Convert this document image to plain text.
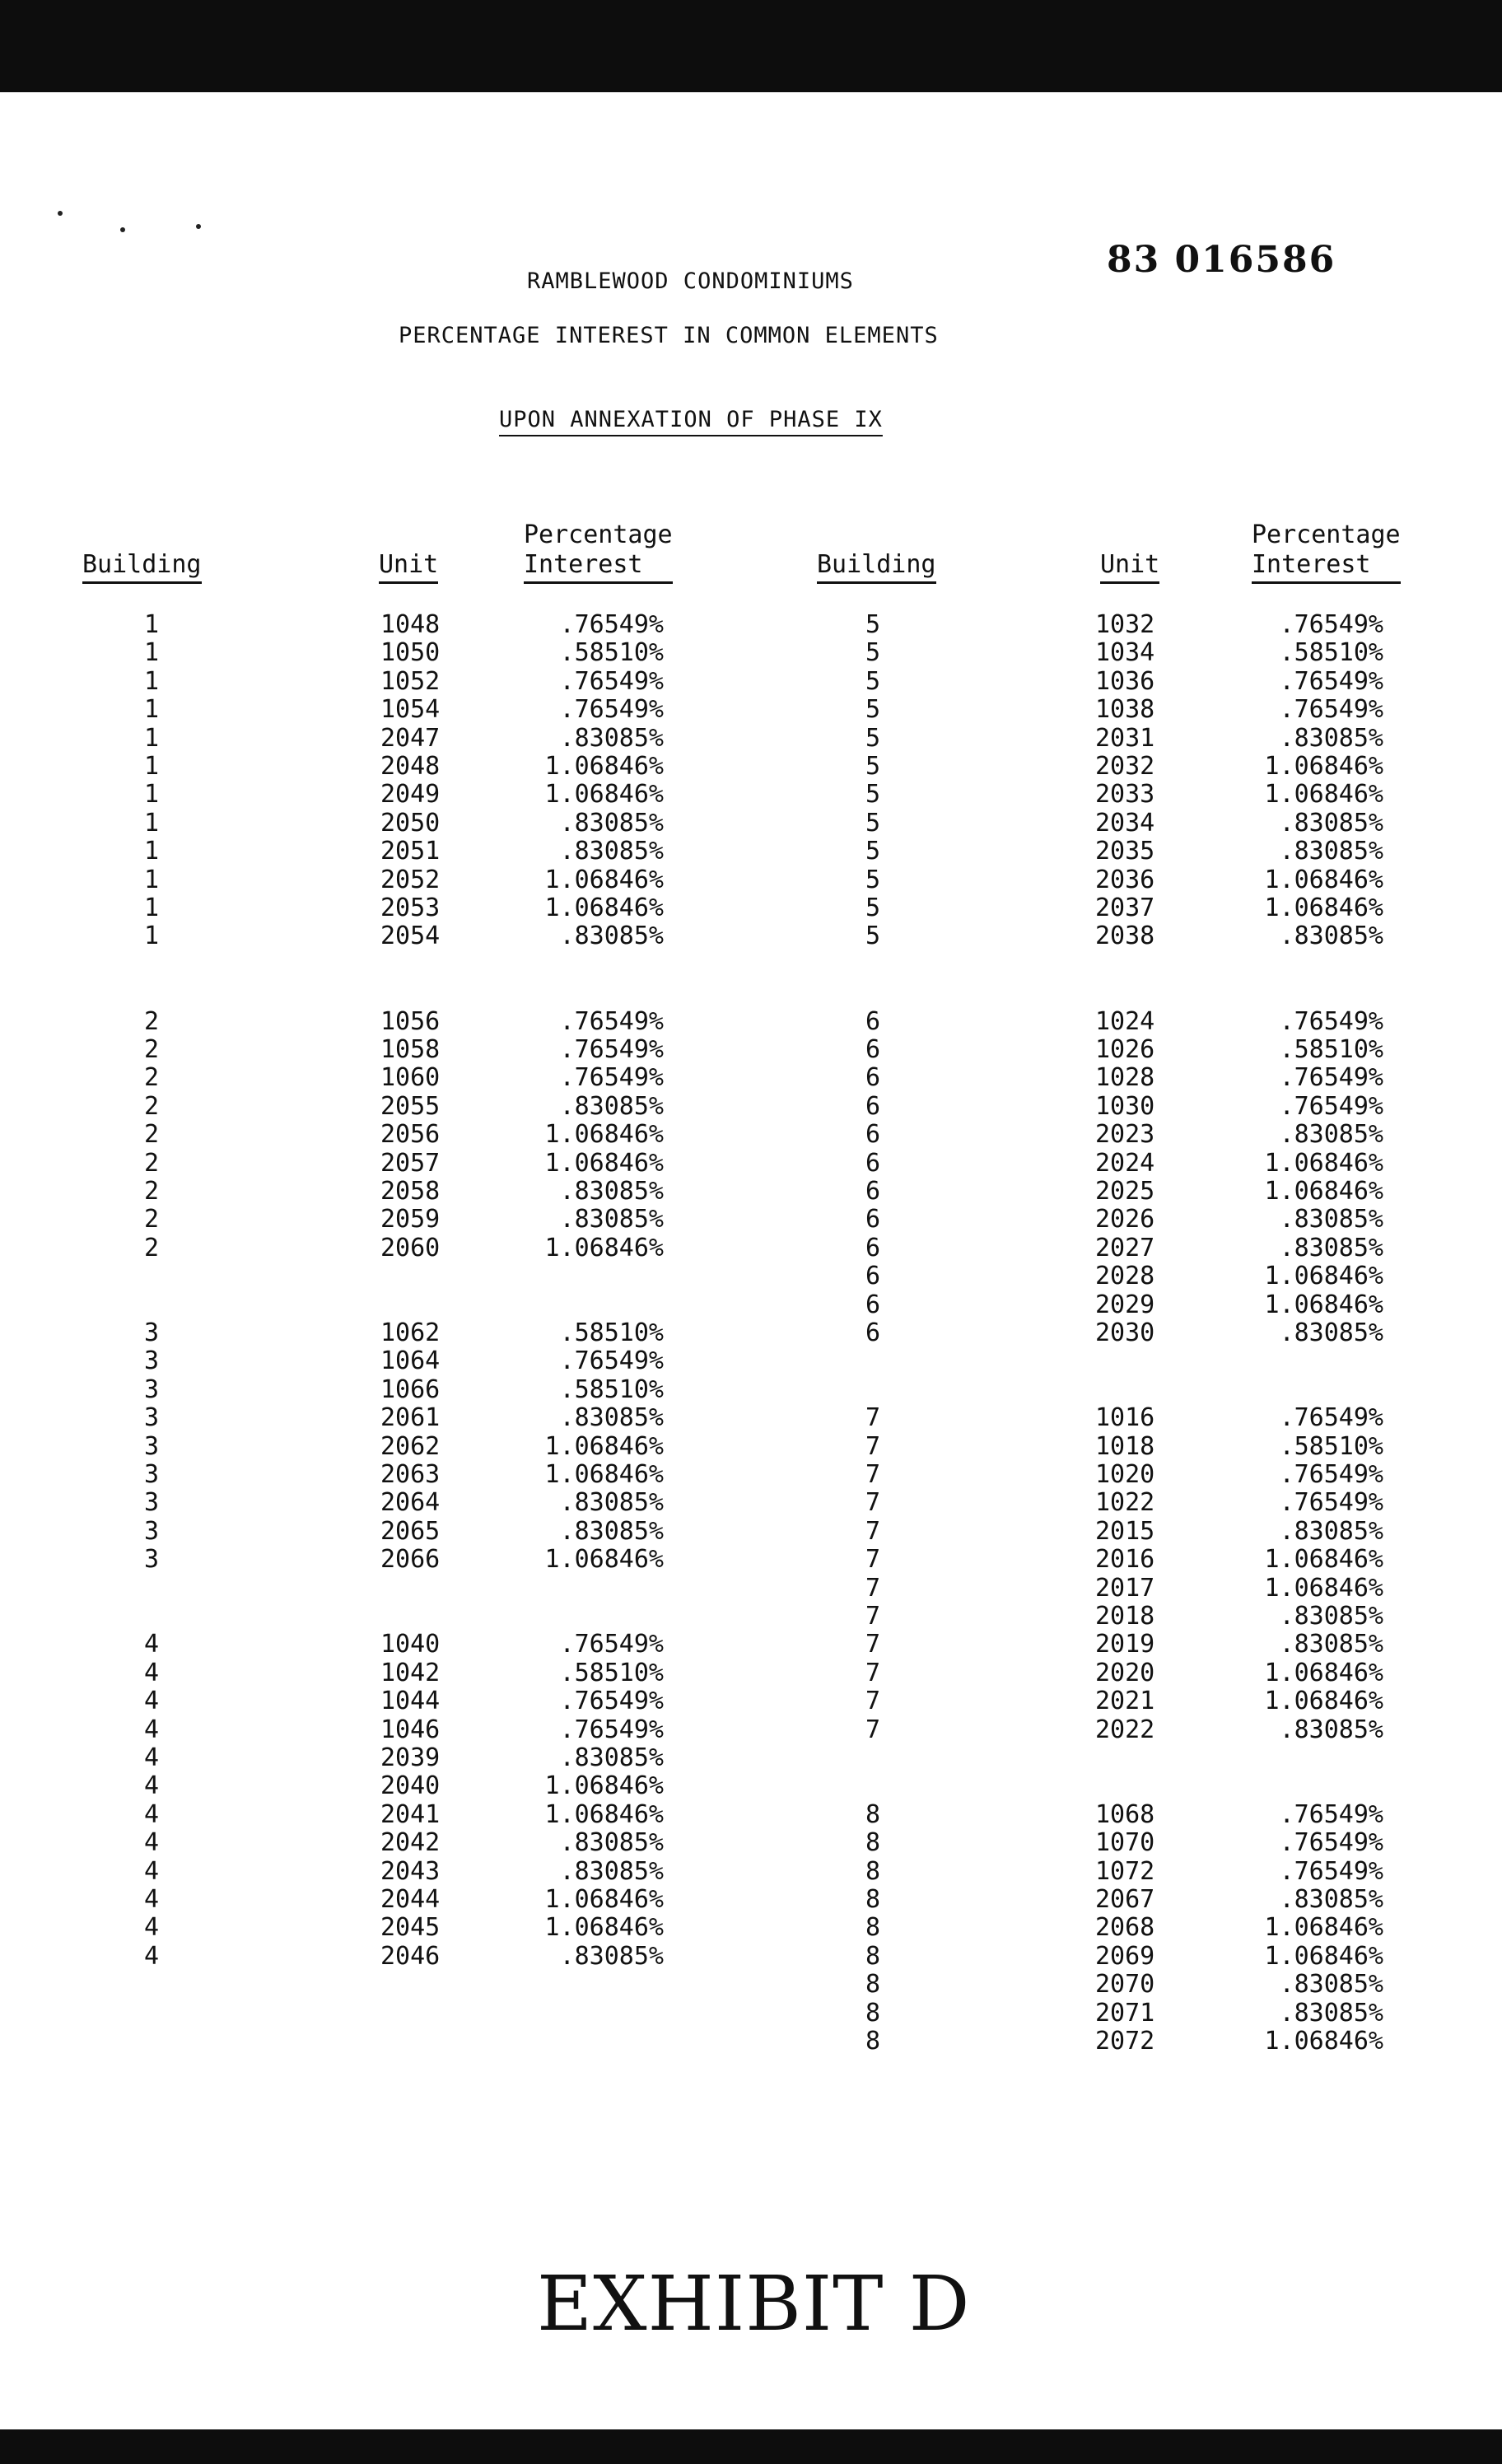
83 016586
RAMBLEWOOD CONDOMINIUMS
PERCENTAGE INTEREST IN COMMON ELEMENTS
UPON ANNEXATION OF PHASE IX
Building	Unit
Percentage
Interest	Building	Unit
Percentage
Interest
1	1048	.76549%
1	1050	.58510%
1	1052	.76549%
1	1054	.76549%
1	2047	.83085%
1	2048	1.06846%
1	2049	1.06846%
1	2050	.83085%
1	2051	.83085%
1	2052	1.06846%
1	2053	1.06846%
1	2054	.83085%
2	1056	.76549%
2	1058	.76549%
2	1060	.76549%
2	2055	.83085%
2	2056	1.06846%
2	2057	1.06846%
2	2058	.83085%
2	2059	.83085%
2	2060	1.06846%
3	1062	.58510%
3	1064	.76549%
3	1066	.58510%
3	2061	.83085%
3	2062	1.06846%
3	2063	1.06846%
3	2064	.83085%
3	2065	.83085%
3	2066	1.06846%
4	1040	.76549%
4	1042	.58510%
4	1044	.76549%
4	1046	.76549%
4	2039	.83085%
4	2040	1.06846%
4	2041	1.06846%
4	2042	.83085%
4	2043	.83085%
4	2044	1.06846%
4	2045	1.06846%
4	2046	.83085%
5	1032	.76549%
5	1034	.58510%
5	1036	.76549%
5	1038	.76549%
5	2031	.83085%
5	2032	1.06846%
5	2033	1.06846%
5	2034	.83085%
5	2035	.83085%
5	2036	1.06846%
5	2037	1.06846%
5	2038	.83085%
6	1024	.76549%
6	1026	.58510%
6	1028	.76549%
6	1030	.76549%
6	2023	.83085%
6	2024	1.06846%
6	2025	1.06846%
6	2026	.83085%
6	2027	.83085%
6	2028	1.06846%
6	2029	1.06846%
6	2030	.83085%
7	1016	.76549%
7	1018	.58510%
7	1020	.76549%
7	1022	.76549%
7	2015	.83085%
7	2016	1.06846%
7	2017	1.06846%
7	2018	.83085%
7	2019	.83085%
7	2020	1.06846%
7	2021	1.06846%
7	2022	.83085%
8	1068	.76549%
8	1070	.76549%
8	1072	.76549%
8	2067	.83085%
8	2068	1.06846%
8	2069	1.06846%
8	2070	.83085%
8	2071	.83085%
8	2072	1.06846%
EXHIBIT D
